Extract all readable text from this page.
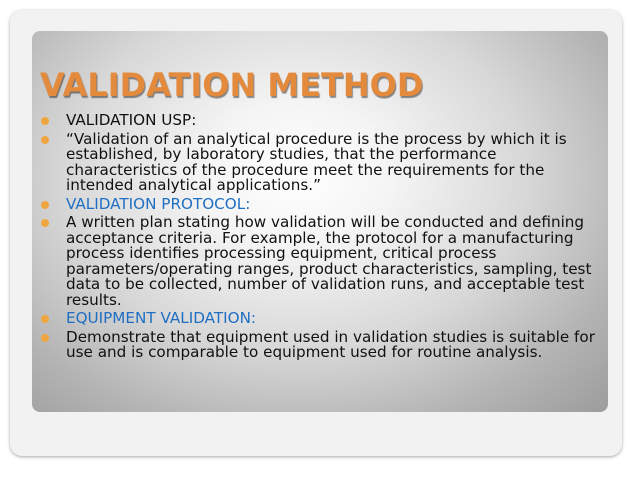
VALIDATION METHOD
VALIDATION USP:
“Validation of an analytical procedure is the process by which it is established, by laboratory studies, that the performance characteristics of the procedure meet the requirements for the intended analytical applications.”
VALIDATION PROTOCOL:
A written plan stating how validation will be conducted and defining acceptance criteria. For example, the protocol for a manufacturing process identifies processing equipment, critical process parameters/operating ranges, product characteristics, sampling, test data to be collected, number of validation runs, and acceptable test results.
EQUIPMENT VALIDATION:
Demonstrate that equipment used in validation studies is suitable for use and is comparable to equipment used for routine analysis.
